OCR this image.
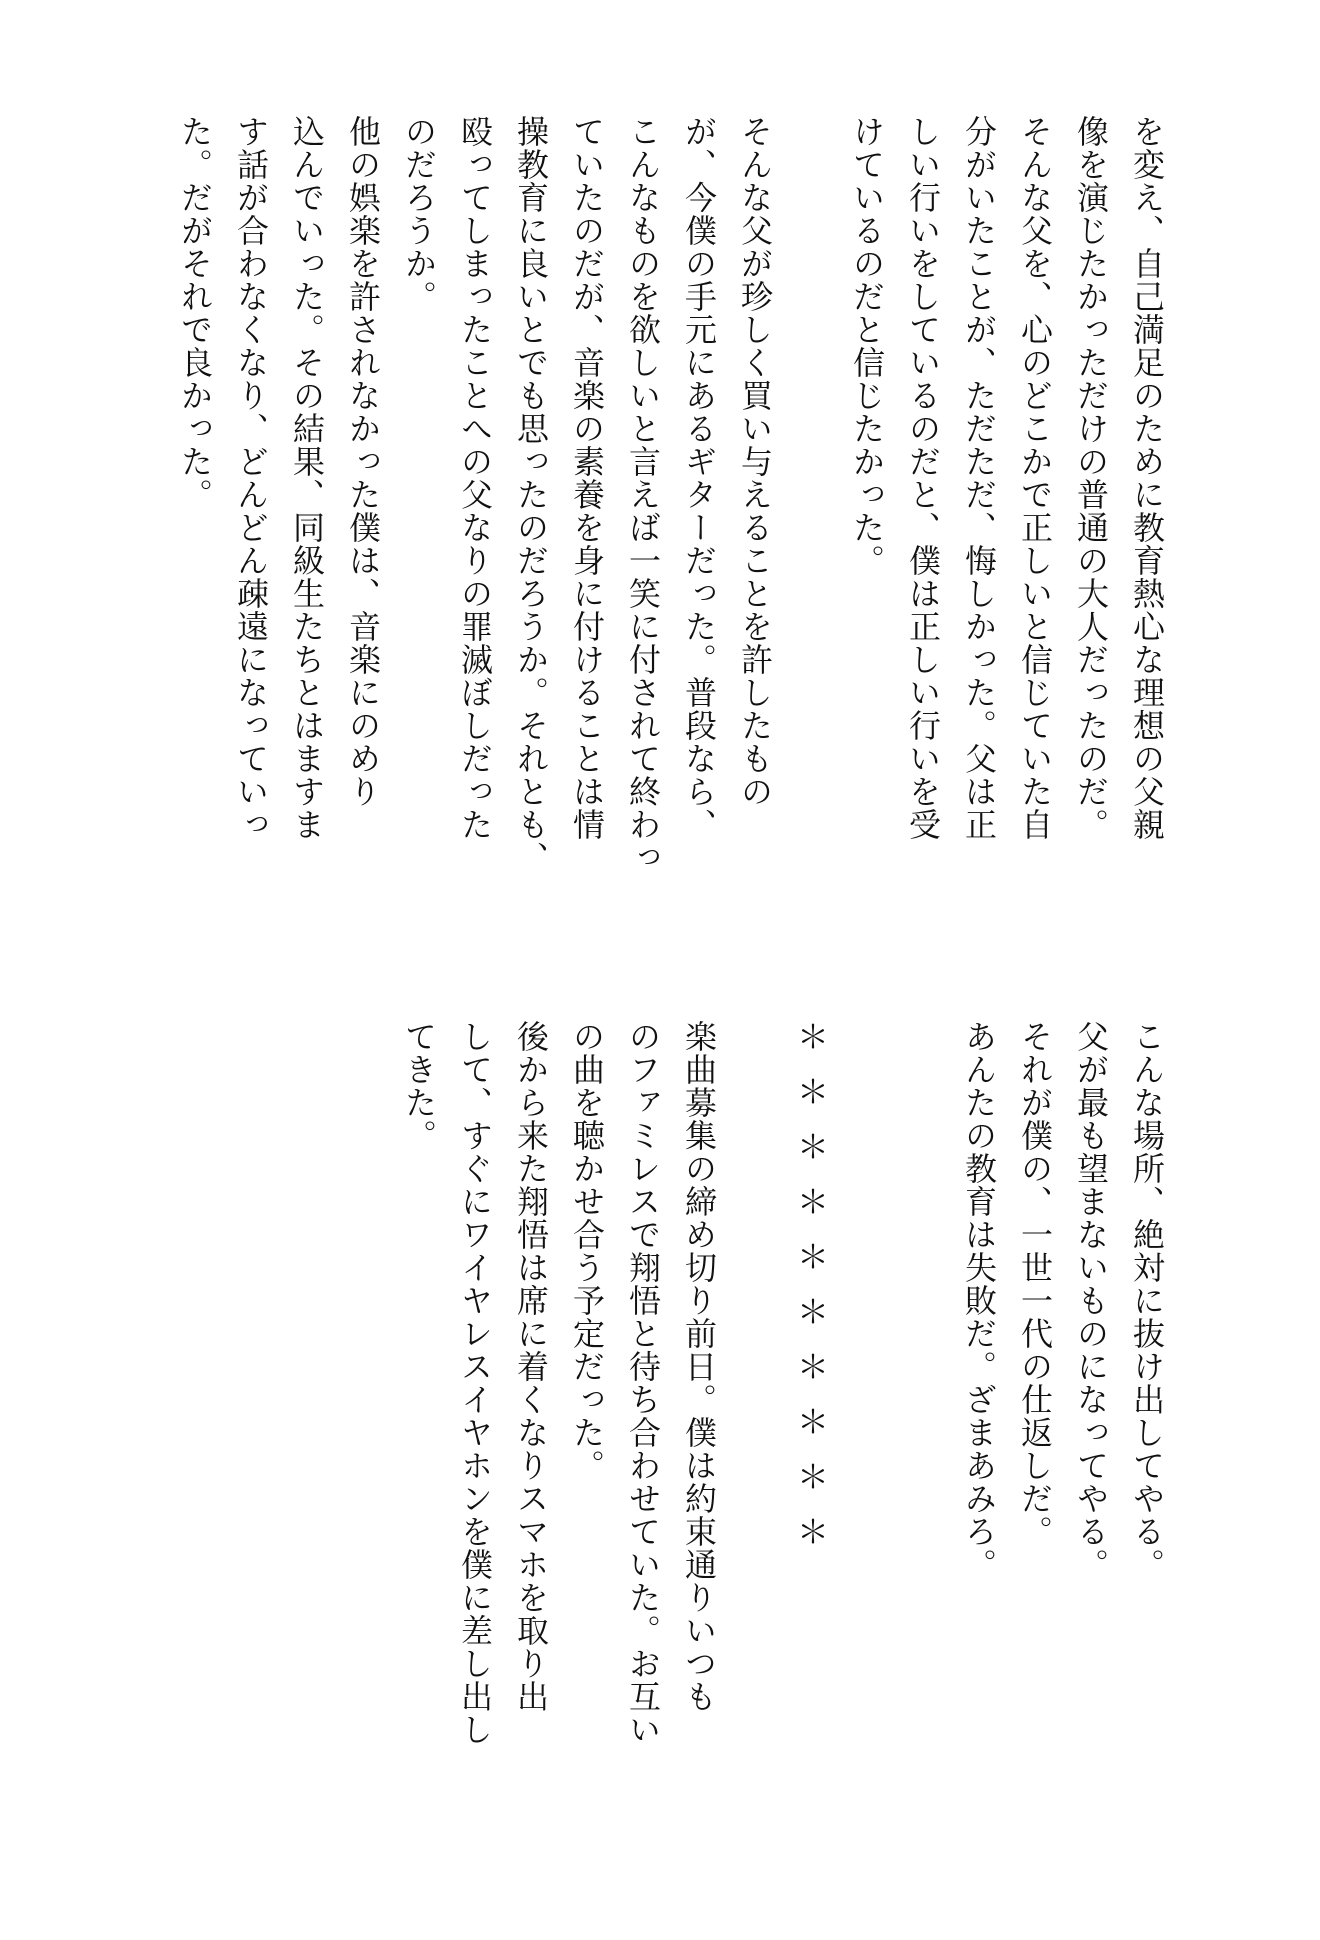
を変え、自己満足のために教育熱心な理想の父親
像を演じたかっただけの普通の大人だったのだ。
そんな父を、心のどこかで正しいと信じていた自
分がいたことが、ただただ、悔しかった。父は正
しい行いをしているのだと、僕は正しい行いを受
けているのだと信じたかった。
そんな父が珍しく買い与えることを許したもの
が、今僕の手元にあるギターだった。普段なら、
こんなものを欲しいと言えば一笑に付されて終わっ
ていたのだが、音楽の素養を身に付けることは情
操教育に良いとでも思ったのだろうか。それとも、
殴ってしまったことへの父なりの罪滅ぼしだった
のだろうか。
他の娯楽を許されなかった僕は、音楽にのめり
込んでいった。その結果、同級生たちとはますま
す話が合わなくなり、どんどん疎遠になっていっ
た。だがそれで良かった。
こんな場所、絶対に抜け出してやる。
父が最も望まないものになってやる。
それが僕の、一世一代の仕返しだ。
あんたの教育は失敗だ。ざまあみろ。
＊＊＊＊＊＊＊＊＊＊
楽曲募集の締め切り前日。僕は約束通りいつも
のファミレスで翔悟と待ち合わせていた。お互い
の曲を聴かせ合う予定だった。
後から来た翔悟は席に着くなりスマホを取り出
して、すぐにワイヤレスイヤホンを僕に差し出し
てきた。
